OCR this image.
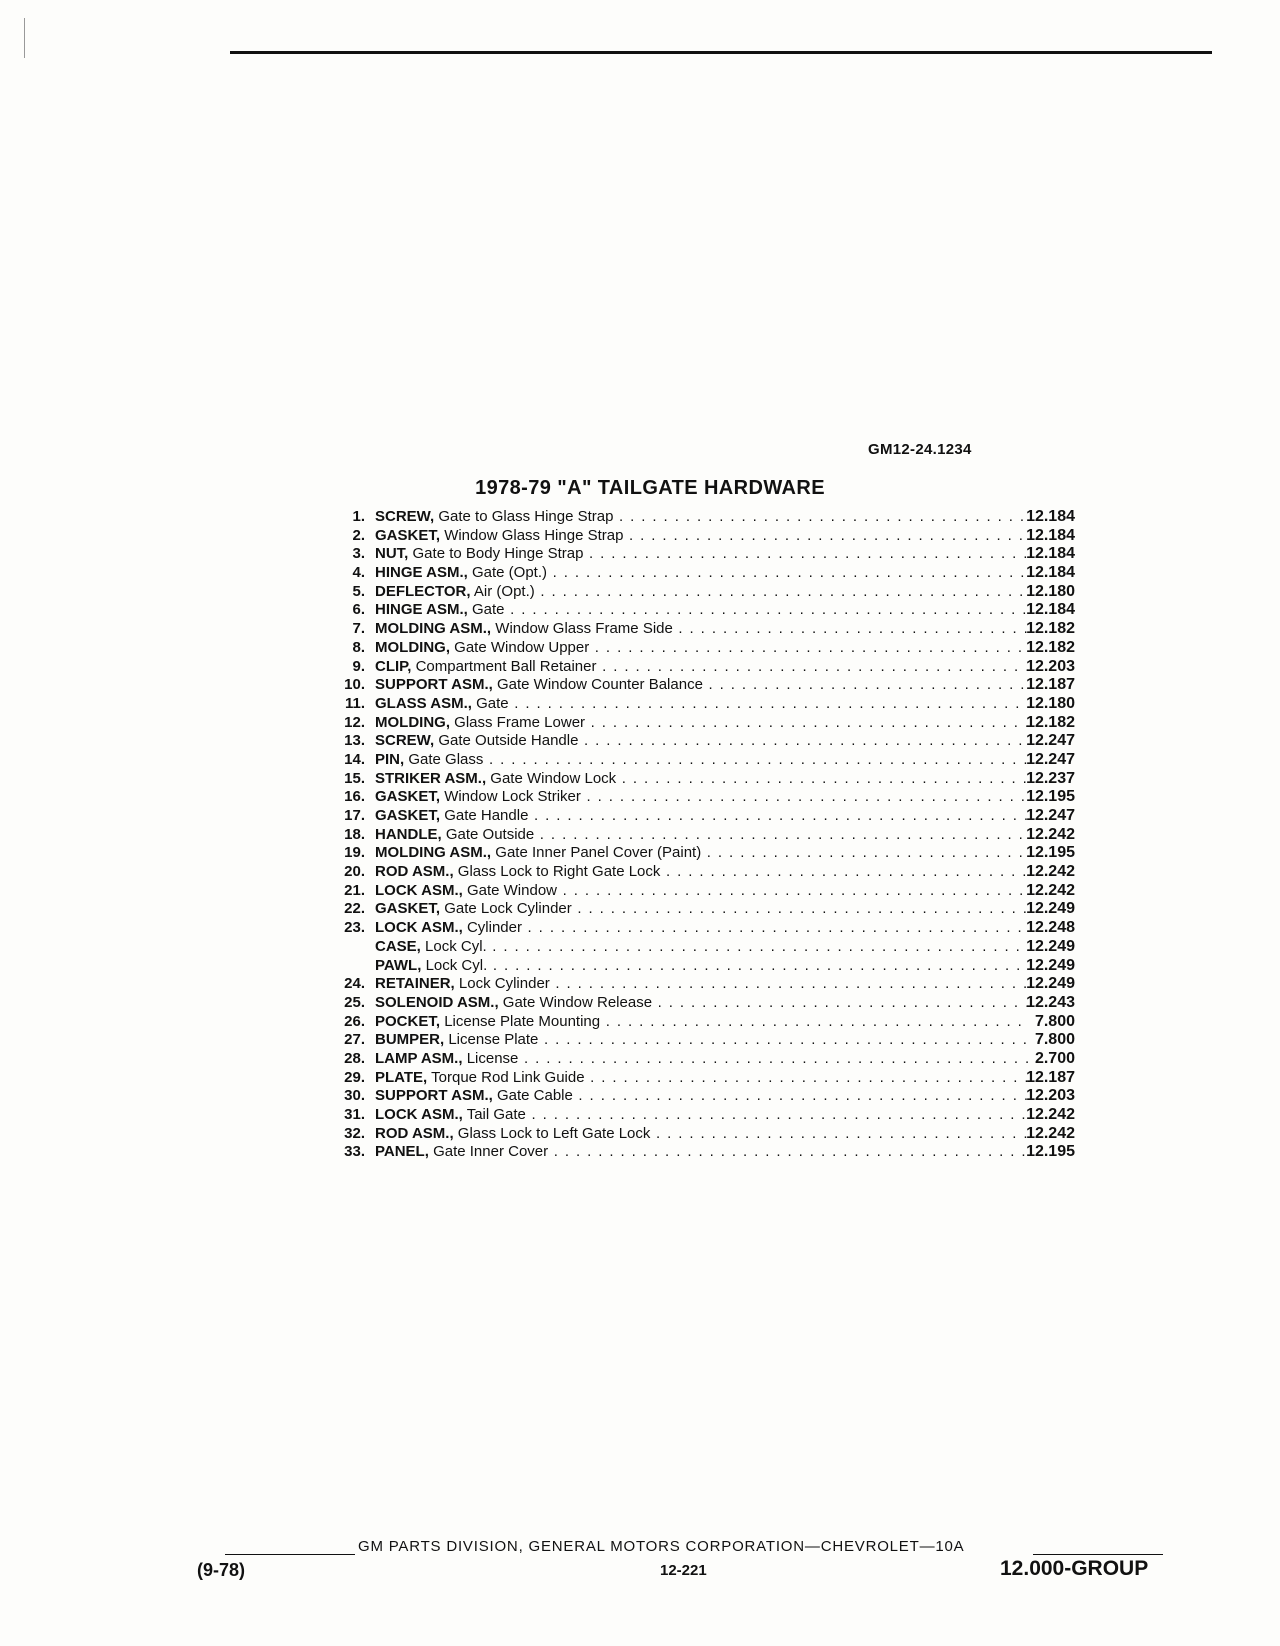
GM12-24.1234
1978-79 "A" TAILGATE HARDWARE
1. SCREW, Gate to Glass Hinge Strap . . .	12.184
2. GASKET, Window Glass Hinge Strap . . .	12.184
3. NUT, Gate to Body Hinge Strap . . .	12.184
4. HINGE ASM., Gate (Opt.) . . .	12.184
5. DEFLECTOR, Air (Opt.) . . .	12.180
6. HINGE ASM., Gate . . .	12.184
7. MOLDING ASM., Window Glass Frame Side . . .	12.182
8. MOLDING, Gate Window Upper . . .	12.182
9. CLIP, Compartment Ball Retainer . . .	12.203
10. SUPPORT ASM., Gate Window Counter Balance . . .	12.187
11. GLASS ASM., Gate . . .	12.180
12. MOLDING, Glass Frame Lower . . .	12.182
13. SCREW, Gate Outside Handle . . .	12.247
14. PIN, Gate Glass . . .	12.247
15. STRIKER ASM., Gate Window Lock . . .	12.237
16. GASKET, Window Lock Striker . . .	12.195
17. GASKET, Gate Handle . . .	12.247
18. HANDLE, Gate Outside . . .	12.242
19. MOLDING ASM., Gate Inner Panel Cover (Paint) . . .	12.195
20. ROD ASM., Glass Lock to Right Gate Lock . . .	12.242
21. LOCK ASM., Gate Window . . .	12.242
22. GASKET, Gate Lock Cylinder . . .	12.249
23. LOCK ASM., Cylinder . . .	12.248
CASE, Lock Cyl. . . .	12.249
PAWL, Lock Cyl. . . .	12.249
24. RETAINER, Lock Cylinder . . .	12.249
25. SOLENOID ASM., Gate Window Release . . .	12.243
26. POCKET, License Plate Mounting . . .	7.800
27. BUMPER, License Plate . . .	7.800
28. LAMP ASM., License . . .	2.700
29. PLATE, Torque Rod Link Guide . . .	12.187
30. SUPPORT ASM., Gate Cable . . .	12.203
31. LOCK ASM., Tail Gate . . .	12.242
32. ROD ASM., Glass Lock to Left Gate Lock . . .	12.242
33. PANEL, Gate Inner Cover . . .	12.195
GM PARTS DIVISION, GENERAL MOTORS CORPORATION—CHEVROLET—10A
(9-78)	12-221	12.000-GROUP
